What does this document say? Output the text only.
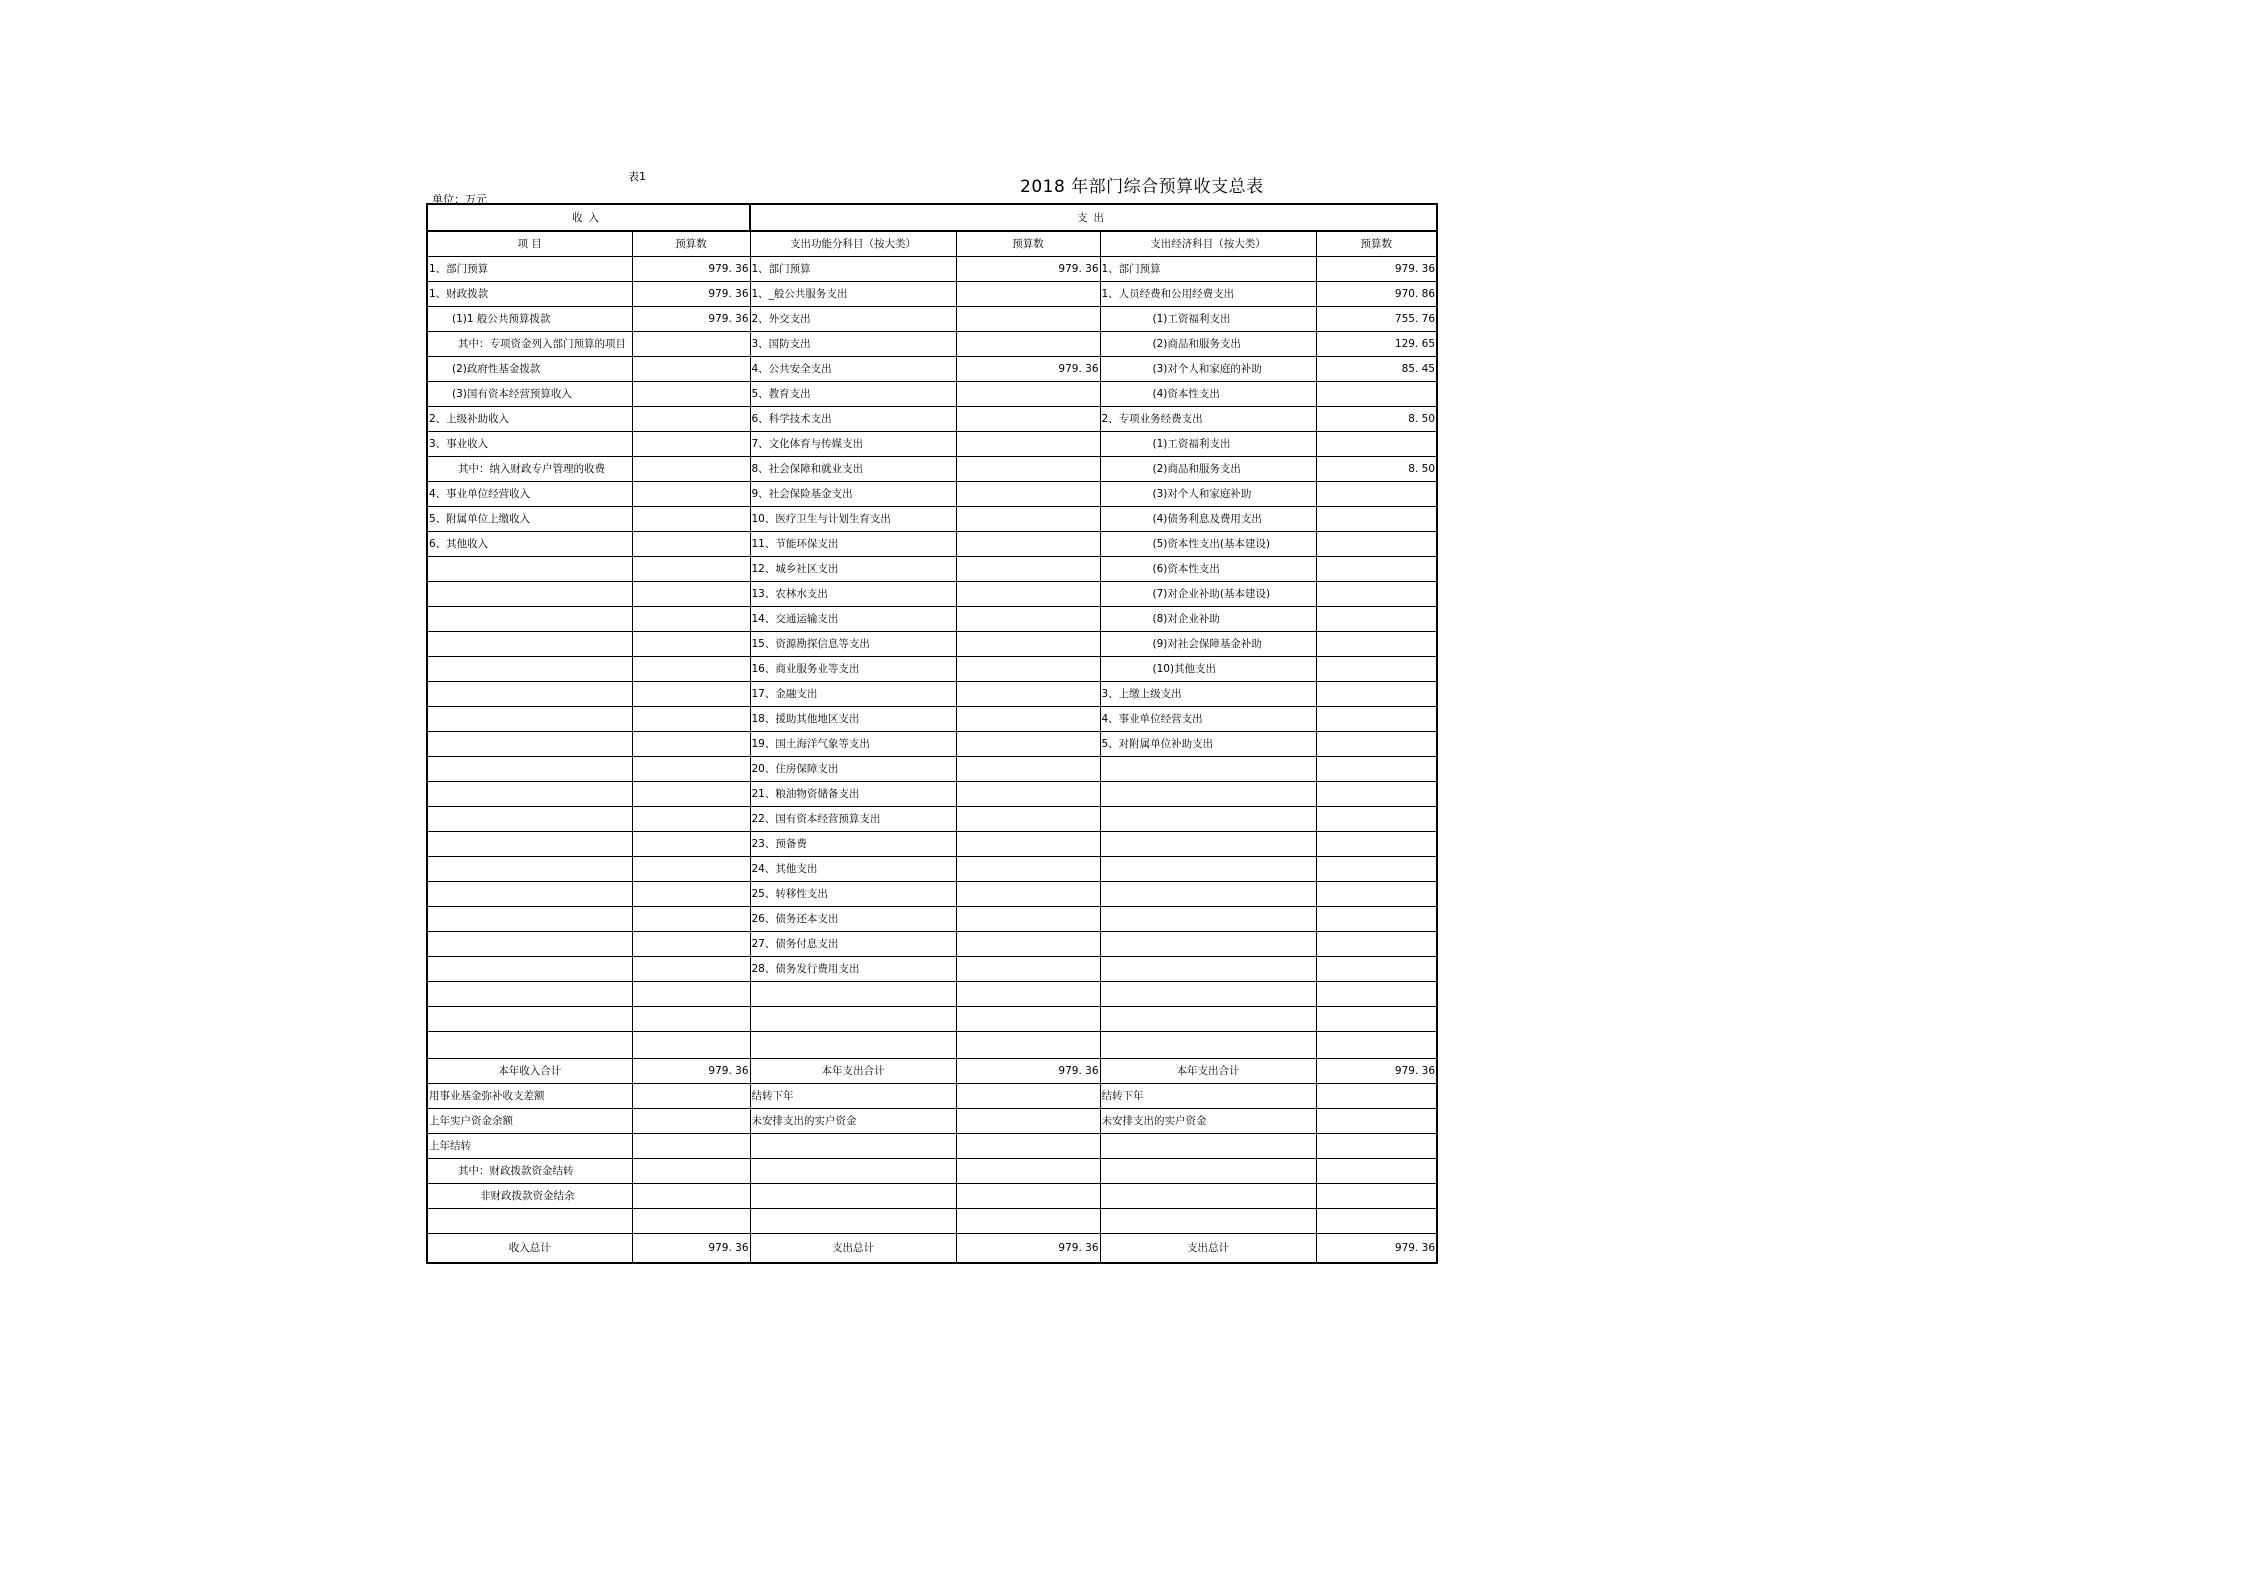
表1
单位：万元
2018 年部门综合预算收支总表
收入		支出			
项 目	预算数	支出功能分科目（按大类）	预算数	支出经济科目（按大类）	预算数
1、部门预算	979. 36	1、部门预算	979. 36	1、部门预算	979. 36
1、财政拨款	979. 36	1、_般公共服务支出		1、人员经费和公用经费支出	970. 86
(1)1 般公共预算拨款	979. 36	2、外交支出		(1)工资福利支出	755. 76
其中：专项资金列入部门预算的项目		3、国防支出		(2)商品和服务支出	129. 65
(2)政府性基金拨款		4、公共安全支出	979. 36	(3)对个人和家庭的补助	85. 45
(3)国有资本经营预算收入		5、教育支出		(4)资本性支出	
2、上级补助收入		6、科学技术支出		2、专项业务经费支出	8. 50
3、事业收入		7、文化体育与传媒支出		(1)工资福利支出	
其中：纳入财政专户管理的收费		8、社会保障和就业支出		(2)商品和服务支出	8. 50
4、事业单位经营收入		9、社会保险基金支出		(3)对个人和家庭补助	
5、附属单位上缴收入		10、医疗卫生与计划生育支出		(4)债务利息及费用支出	
6、其他收入		11、节能环保支出		(5)资本性支出(基本建设)	
		12、城乡社区支出		(6)资本性支出	
		13、农林水支出		(7)对企业补助(基本建设)	
		14、交通运输支出		(8)对企业补助	
		15、资源勘探信息等支出		(9)对社会保障基金补助	
		16、商业服务业等支出		(10)其他支出	
		17、金融支出		3、上缴上级支出	
		18、援助其他地区支出		4、事业单位经营支出	
		19、国土海洋气象等支出		5、对附属单位补助支出	
		20、住房保障支出			
		21、粮油物资储备支出			
		22、国有资本经营预算支出			
		23、预备费			
		24、其他支出			
		25、转移性支出			
		26、债务还本支出			
		27、债务付息支出			
		28、债务发行费用支出			

本年收入合计	979. 36	本年支出合计	979. 36	本年支出合计	979. 36
用事业基金弥补收支差额		结转下年		结转下年	
上年实户资金余额		未安排支出的实户资金		未安排支出的实户资金	
上年结转					
其中：财政拨款资金结转					
非财政拨款资金结余					

收入总计	979. 36	支出总计	979. 36	支出总计	979. 36
